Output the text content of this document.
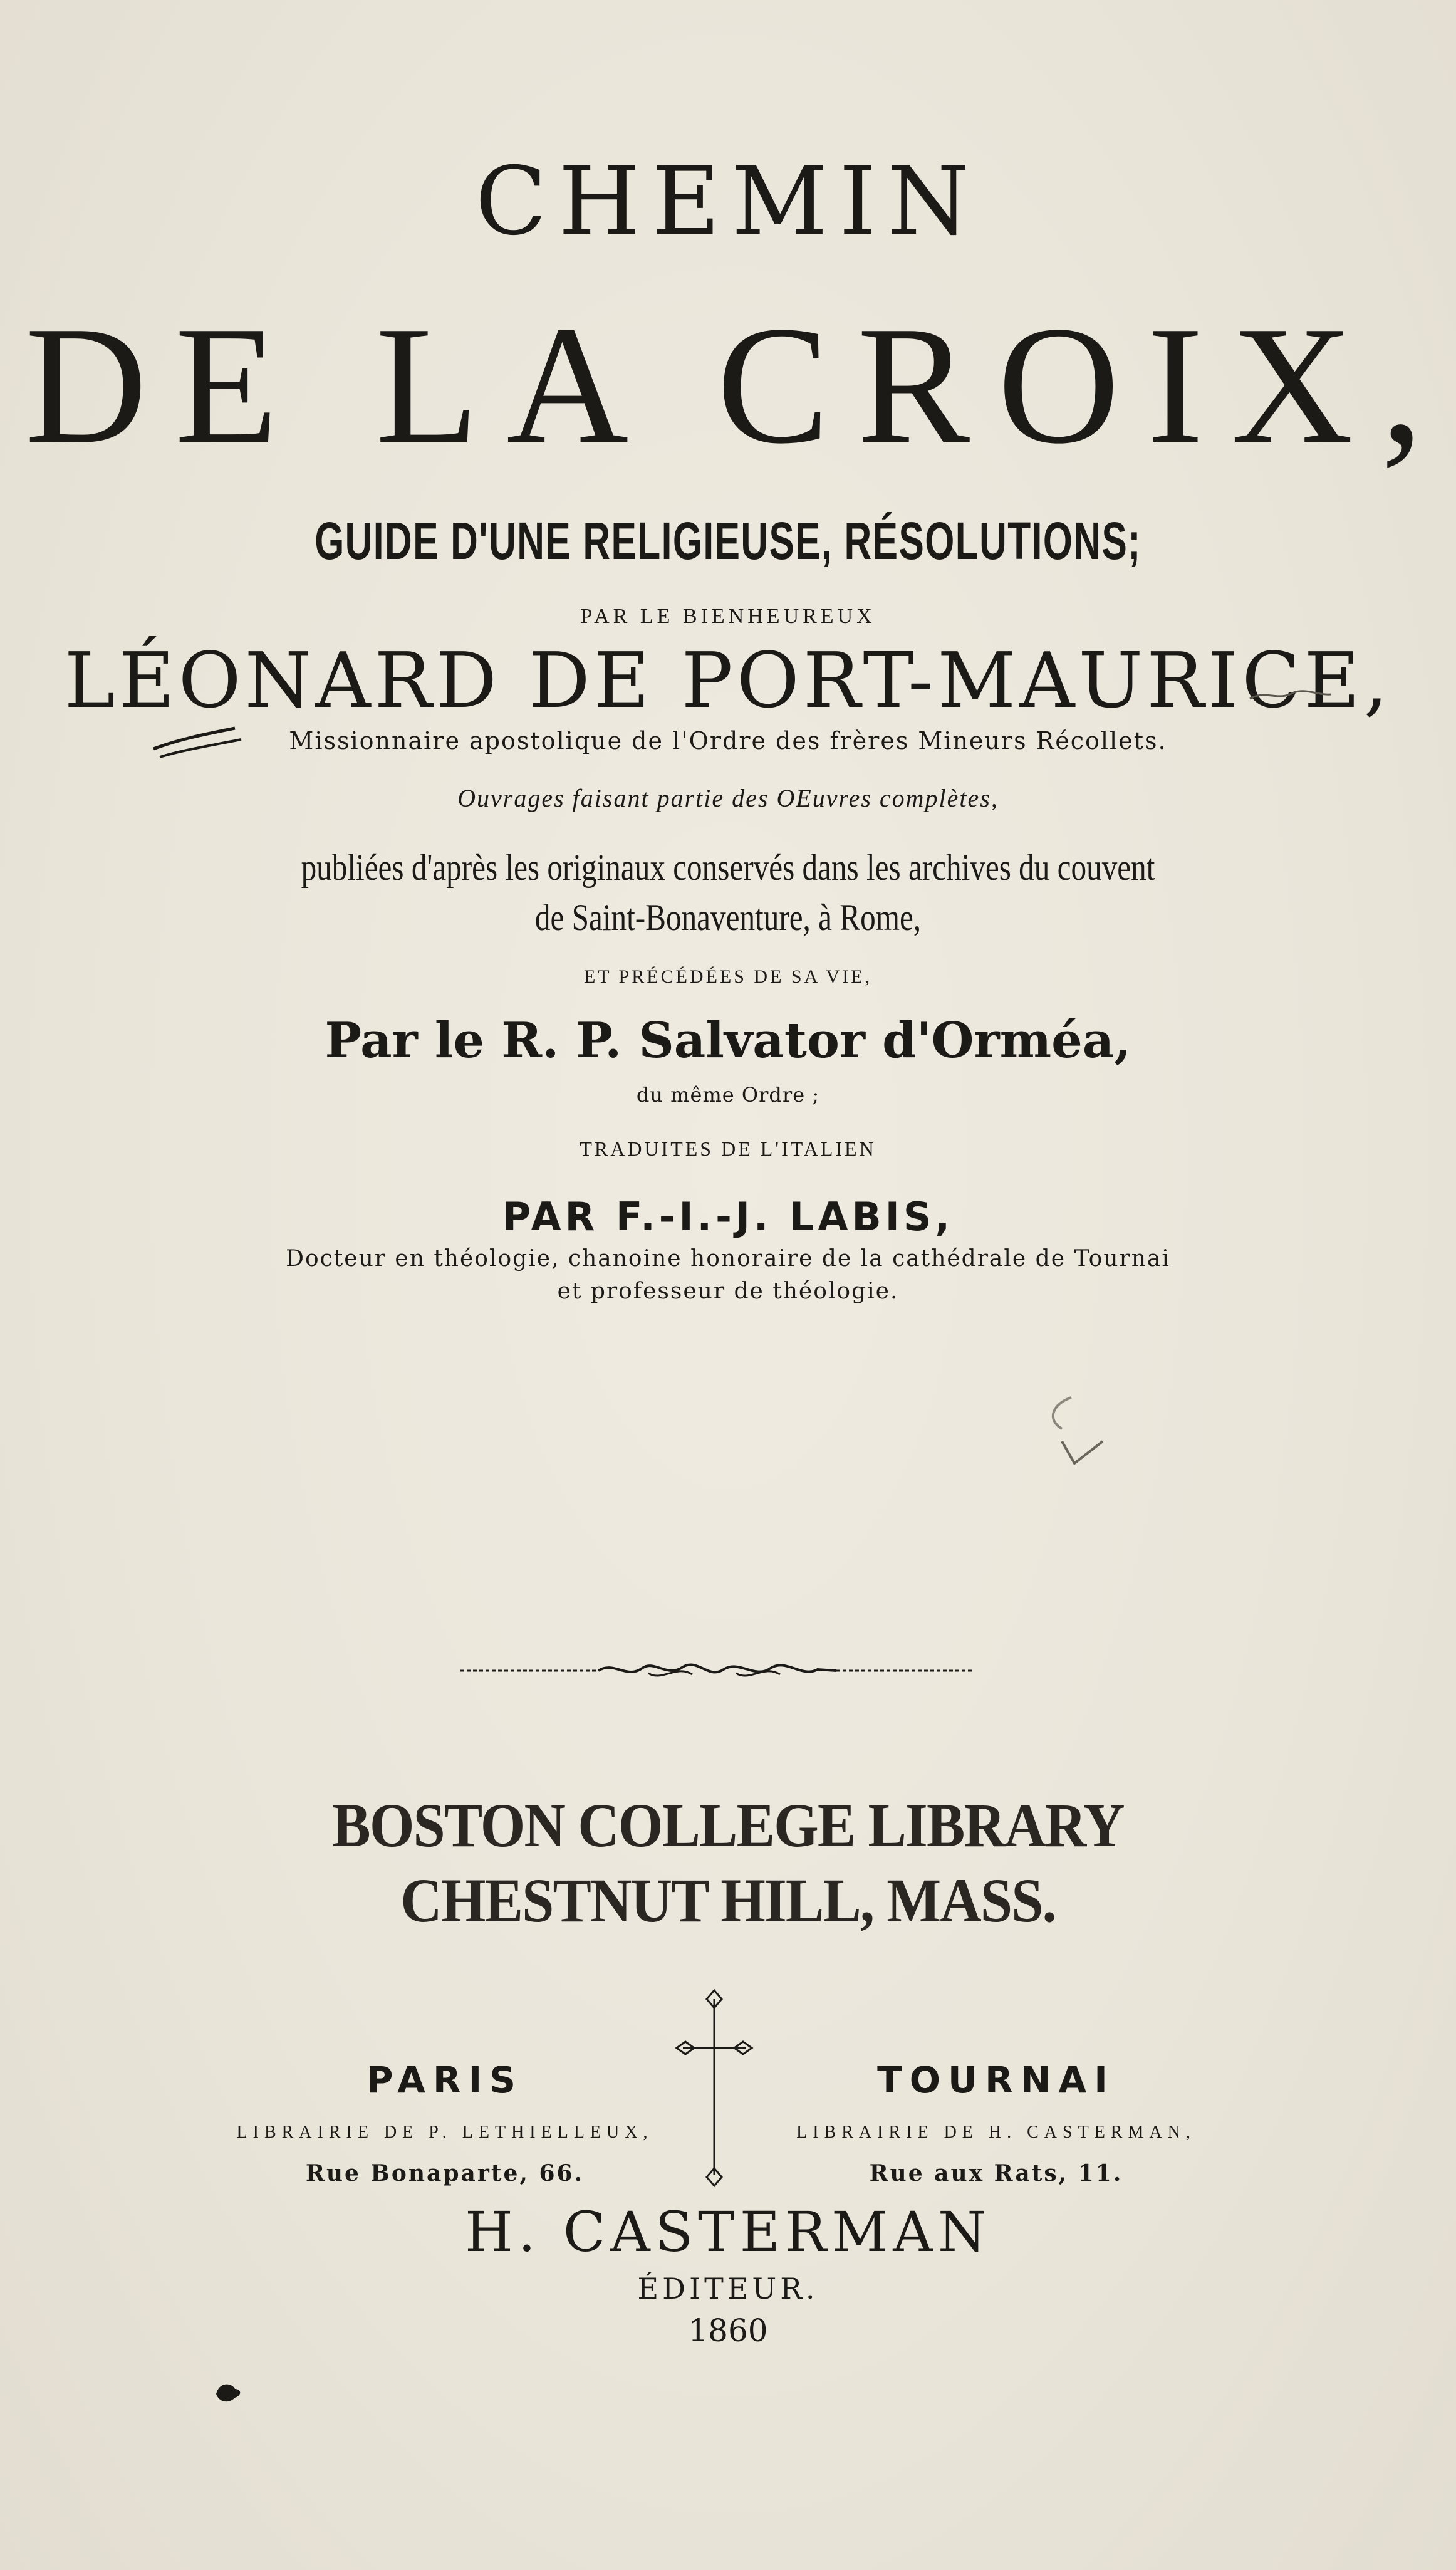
CHEMIN
DE LA CROIX,
GUIDE D'UNE RELIGIEUSE, RÉSOLUTIONS;
PAR LE BIENHEUREUX
LÉONARD DE PORT-MAURICE,
Missionnaire apostolique de l'Ordre des frères Mineurs Récollets.
Ouvrages faisant partie des OEuvres complètes,
publiées d'après les originaux conservés dans les archives du couvent
de Saint-Bonaventure, à Rome,
ET PRÉCÉDÉES DE SA VIE,
Par le R. P. Salvator d'Orméa,
du même Ordre ;
TRADUITES DE L'ITALIEN
PAR F.-I.-J. LABIS,
Docteur en théologie, chanoine honoraire de la cathédrale de Tournai
et professeur de théologie.
BOSTON COLLEGE LIBRARY
CHESTNUT HILL, MASS.
PARIS
LIBRAIRIE DE P. LETHIELLEUX,
Rue Bonaparte, 66.
TOURNAI
LIBRAIRIE DE H. CASTERMAN,
Rue aux Rats, 11.
H. CASTERMAN
ÉDITEUR.
1860
